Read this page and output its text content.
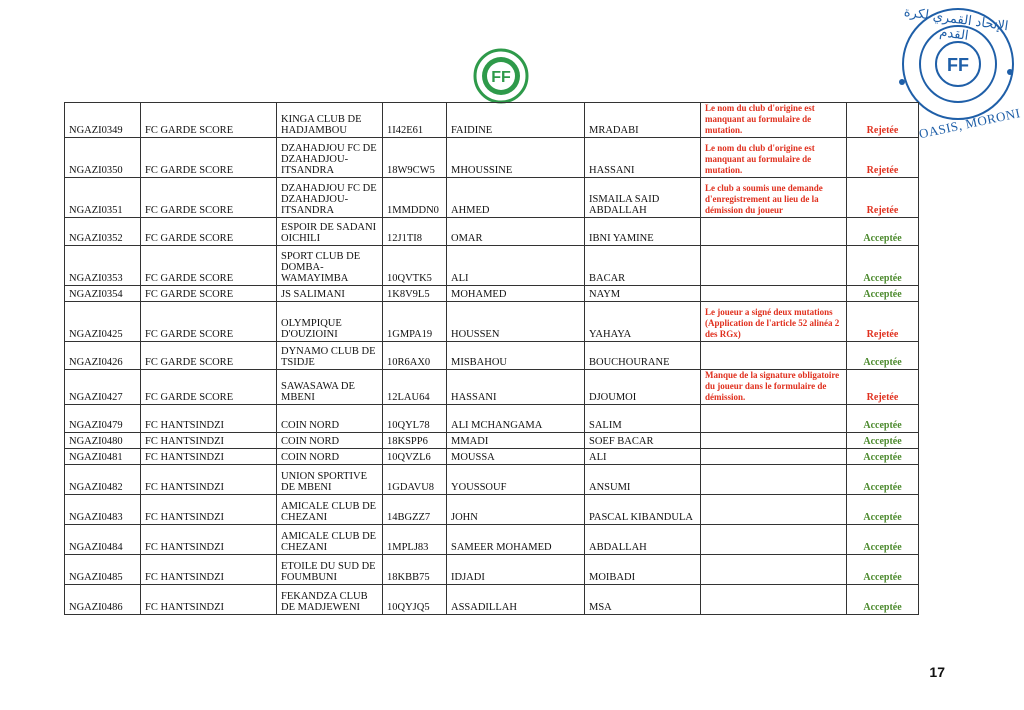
FF
FF
الإتحاد القمري لكرة القدم
OASIS, MORONI
NGAZI0349	FC GARDE SCORE	KINGA CLUB DE HADJAMBOU	1I42E61	FAIDINE	MRADABI	Le nom du club d'origine est manquant au formulaire de mutation.	Rejetée
NGAZI0350	FC GARDE SCORE	DZAHADJOU FC DE DZAHADJOU-ITSANDRA	18W9CW5	MHOUSSINE	HASSANI	Le nom du club d'origine est manquant au formulaire de mutation.	Rejetée
NGAZI0351	FC GARDE SCORE	DZAHADJOU FC DE DZAHADJOU-ITSANDRA	1MMDDN0	AHMED	ISMAILA SAID ABDALLAH	Le club a soumis une demande d'enregistrement au lieu de la démission du joueur	Rejetée
NGAZI0352	FC GARDE SCORE	ESPOIR DE SADANI OICHILI	12J1TI8	OMAR	IBNI YAMINE		Acceptée
NGAZI0353	FC GARDE SCORE	SPORT CLUB DE DOMBA-WAMAYIMBA	10QVTK5	ALI	BACAR		Acceptée
NGAZI0354	FC GARDE SCORE	JS SALIMANI	1K8V9L5	MOHAMED	NAYM		Acceptée
NGAZI0425	FC GARDE SCORE	OLYMPIQUE D'OUZIOINI	1GMPA19	HOUSSEN	YAHAYA	Le joueur a signé deux mutations (Application de l'article 52 alinéa 2 des RGx)	Rejetée
NGAZI0426	FC GARDE SCORE	DYNAMO CLUB DE TSIDJE	10R6AX0	MISBAHOU	BOUCHOURANE		Acceptée
NGAZI0427	FC GARDE SCORE	SAWASAWA DE MBENI	12LAU64	HASSANI	DJOUMOI	Manque de la signature obligatoire du joueur dans le formulaire de démission.	Rejetée
NGAZI0479	FC HANTSINDZI	COIN NORD	10QYL78	ALI MCHANGAMA	SALIM		Acceptée
NGAZI0480	FC HANTSINDZI	COIN NORD	18KSPP6	MMADI	SOEF BACAR		Acceptée
NGAZI0481	FC HANTSINDZI	COIN NORD	10QVZL6	MOUSSA	ALI		Acceptée
NGAZI0482	FC HANTSINDZI	UNION SPORTIVE DE MBENI	1GDAVU8	YOUSSOUF	ANSUMI		Acceptée
NGAZI0483	FC HANTSINDZI	AMICALE CLUB DE CHEZANI	14BGZZ7	JOHN	PASCAL KIBANDULA		Acceptée
NGAZI0484	FC HANTSINDZI	AMICALE CLUB DE CHEZANI	1MPLJ83	SAMEER MOHAMED	ABDALLAH		Acceptée
NGAZI0485	FC HANTSINDZI	ETOILE DU SUD DE FOUMBUNI	18KBB75	IDJADI	MOIBADI		Acceptée
NGAZI0486	FC HANTSINDZI	FEKANDZA CLUB DE MADJEWENI	10QYJQ5	ASSADILLAH	MSA		Acceptée
17
